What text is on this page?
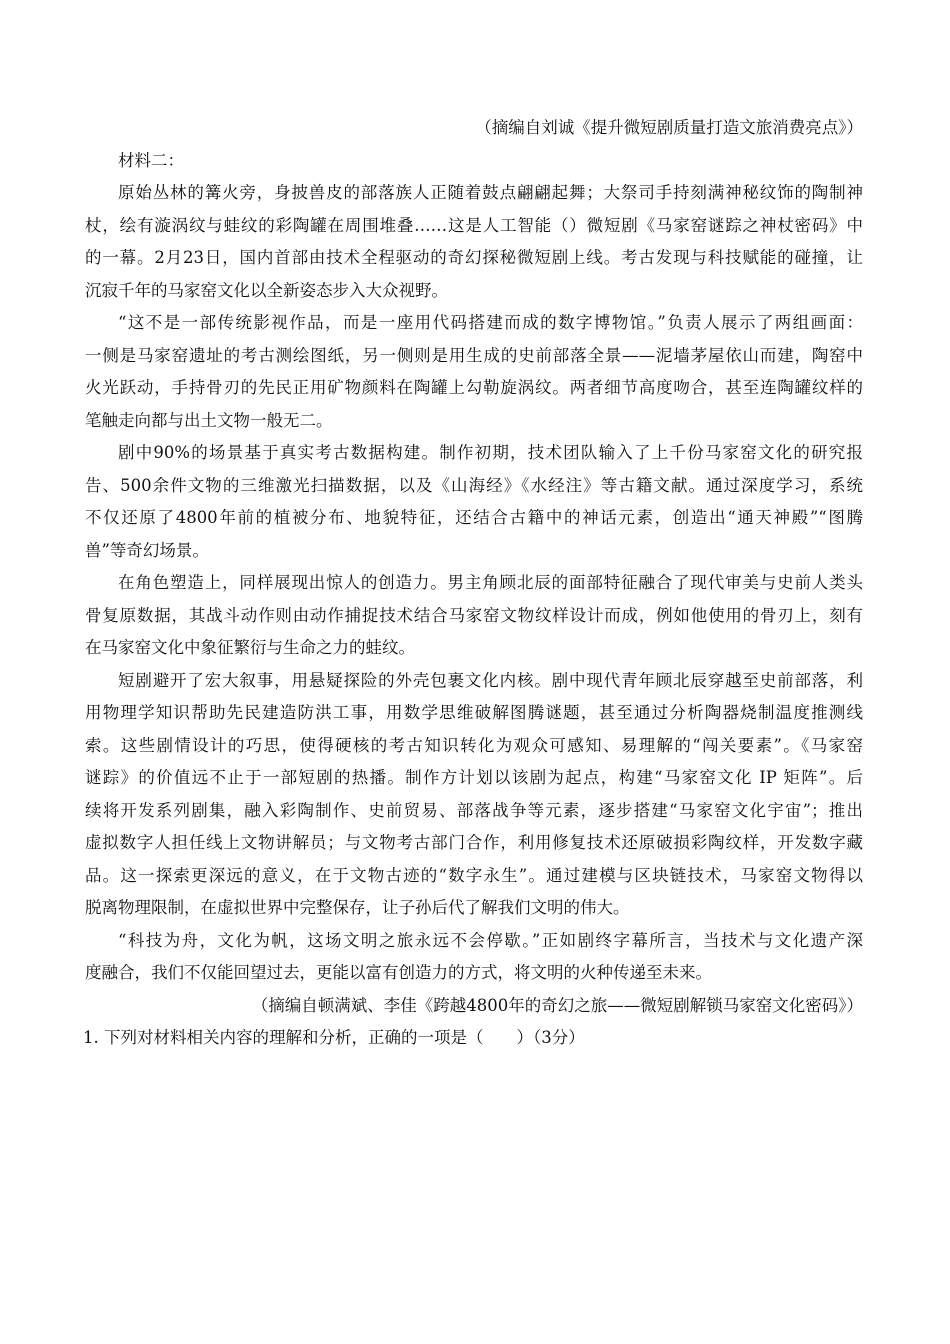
（摘编自刘诚《提升微短剧质量打造文旅消费亮点》）
材料二：
原始丛林的篝火旁，身披兽皮的部落族人正随着鼓点翩翩起舞；大祭司手持刻满神秘纹饰的陶制神
杖，绘有漩涡纹与蛙纹的彩陶罐在周围堆叠……这是人工智能（）微短剧《马家窑谜踪之神杖密码》中
的一幕。2月23日，国内首部由技术全程驱动的奇幻探秘微短剧上线。考古发现与科技赋能的碰撞，让
沉寂千年的马家窑文化以全新姿态步入大众视野。
“这不是一部传统影视作品，而是一座用代码搭建而成的数字博物馆。”负责人展示了两组画面：
一侧是马家窑遗址的考古测绘图纸，另一侧则是用生成的史前部落全景——泥墙茅屋依山而建，陶窑中
火光跃动，手持骨刃的先民正用矿物颜料在陶罐上勾勒旋涡纹。两者细节高度吻合，甚至连陶罐纹样的
笔触走向都与出土文物一般无二。
剧中90%的场景基于真实考古数据构建。制作初期，技术团队输入了上千份马家窑文化的研究报
告、500余件文物的三维激光扫描数据，以及《山海经》《水经注》等古籍文献。通过深度学习，系统
不仅还原了4800年前的植被分布、地貌特征，还结合古籍中的神话元素，创造出“通天神殿”“图腾
兽”等奇幻场景。
在角色塑造上，同样展现出惊人的创造力。男主角顾北辰的面部特征融合了现代审美与史前人类头
骨复原数据，其战斗动作则由动作捕捉技术结合马家窑文物纹样设计而成，例如他使用的骨刃上，刻有
在马家窑文化中象征繁衍与生命之力的蛙纹。
短剧避开了宏大叙事，用悬疑探险的外壳包裹文化内核。剧中现代青年顾北辰穿越至史前部落，利
用物理学知识帮助先民建造防洪工事，用数学思维破解图腾谜题，甚至通过分析陶器烧制温度推测线
索。这些剧情设计的巧思，使得硬核的考古知识转化为观众可感知、易理解的“闯关要素”。《马家窑
谜踪》的价值远不止于一部短剧的热播。制作方计划以该剧为起点，构建“马家窑文化 IP 矩阵”。后
续将开发系列剧集，融入彩陶制作、史前贸易、部落战争等元素，逐步搭建“马家窑文化宇宙”；推出
虚拟数字人担任线上文物讲解员；与文物考古部门合作，利用修复技术还原破损彩陶纹样，开发数字藏
品。这一探索更深远的意义，在于文物古迹的“数字永生”。通过建模与区块链技术，马家窑文物得以
脱离物理限制，在虚拟世界中完整保存，让子孙后代了解我们文明的伟大。
“科技为舟，文化为帆，这场文明之旅永远不会停歇。”正如剧终字幕所言，当技术与文化遗产深
度融合，我们不仅能回望过去，更能以富有创造力的方式，将文明的火种传递至未来。
（摘编自顿满斌、李佳《跨越4800年的奇幻之旅——微短剧解锁马家窑文化密码》）
1. 下列对材料相关内容的理解和分析，正确的一项是（　　）（3分）
